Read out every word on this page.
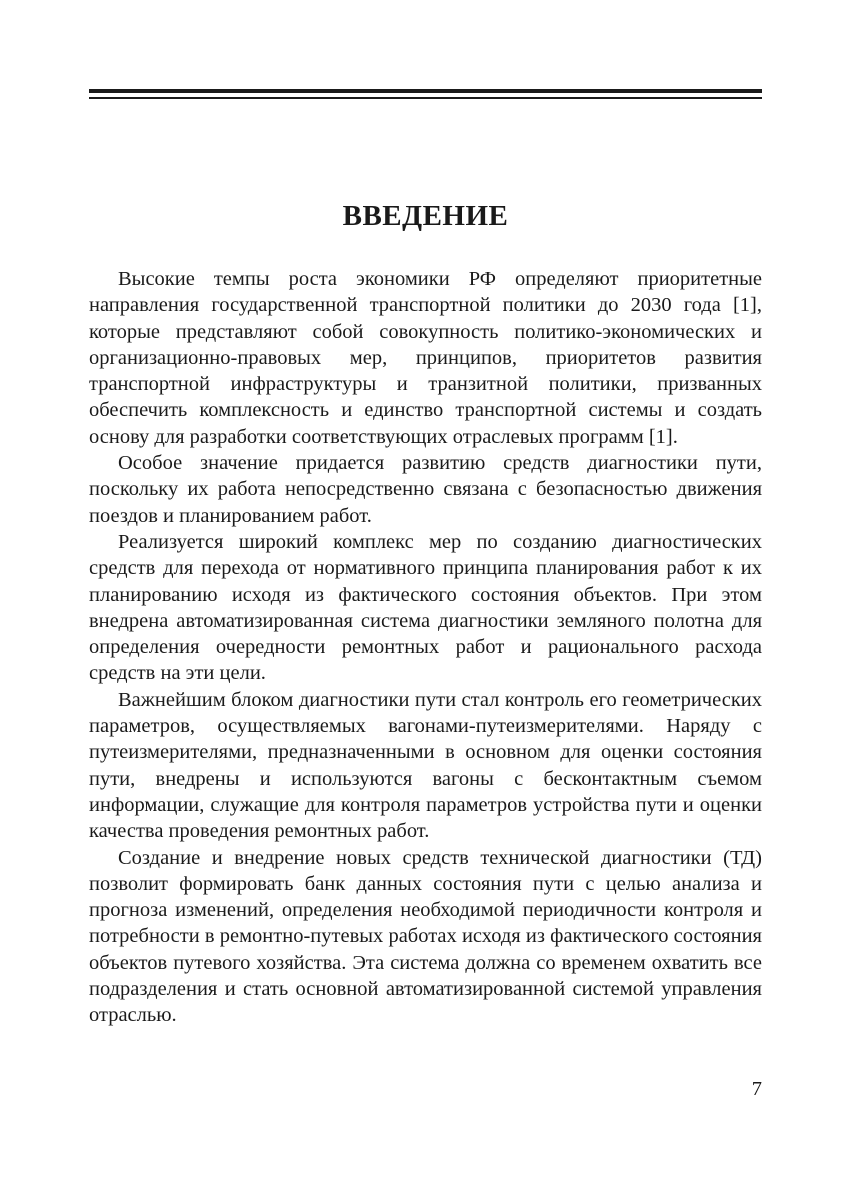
ВВЕДЕНИЕ

Высокие темпы роста экономики РФ определяют приоритетные направления государственной транспортной политики до 2030 года [1], которые представляют собой совокупность политико-экономических и организационно-правовых мер, принципов, приоритетов развития транспортной инфраструктуры и транзитной политики, призванных обеспечить комплексность и единство транспортной системы и создать основу для разработки соответствующих отраслевых программ [1].

Особое значение придается развитию средств диагностики пути, поскольку их работа непосредственно связана с безопасностью движения поездов и планированием работ.

Реализуется широкий комплекс мер по созданию диагностических средств для перехода от нормативного принципа планирования работ к их планированию исходя из фактического состояния объектов. При этом внедрена автоматизированная система диагностики земляного полотна для определения очередности ремонтных работ и рационального расхода средств на эти цели.

Важнейшим блоком диагностики пути стал контроль его геометрических параметров, осуществляемых вагонами-путеизмерителями. Наряду с путеизмерителями, предназначенными в основном для оценки состояния пути, внедрены и используются вагоны с бесконтактным съемом информации, служащие для контроля параметров устройства пути и оценки качества проведения ремонтных работ.

Создание и внедрение новых средств технической диагностики (ТД) позволит формировать банк данных состояния пути с целью анализа и прогноза изменений, определения необходимой периодичности контроля и потребности в ремонтно-путевых работах исходя из фактического состояния объектов путевого хозяйства. Эта система должна со временем охватить все подразделения и стать основной автоматизированной системой управления отраслью.

7
